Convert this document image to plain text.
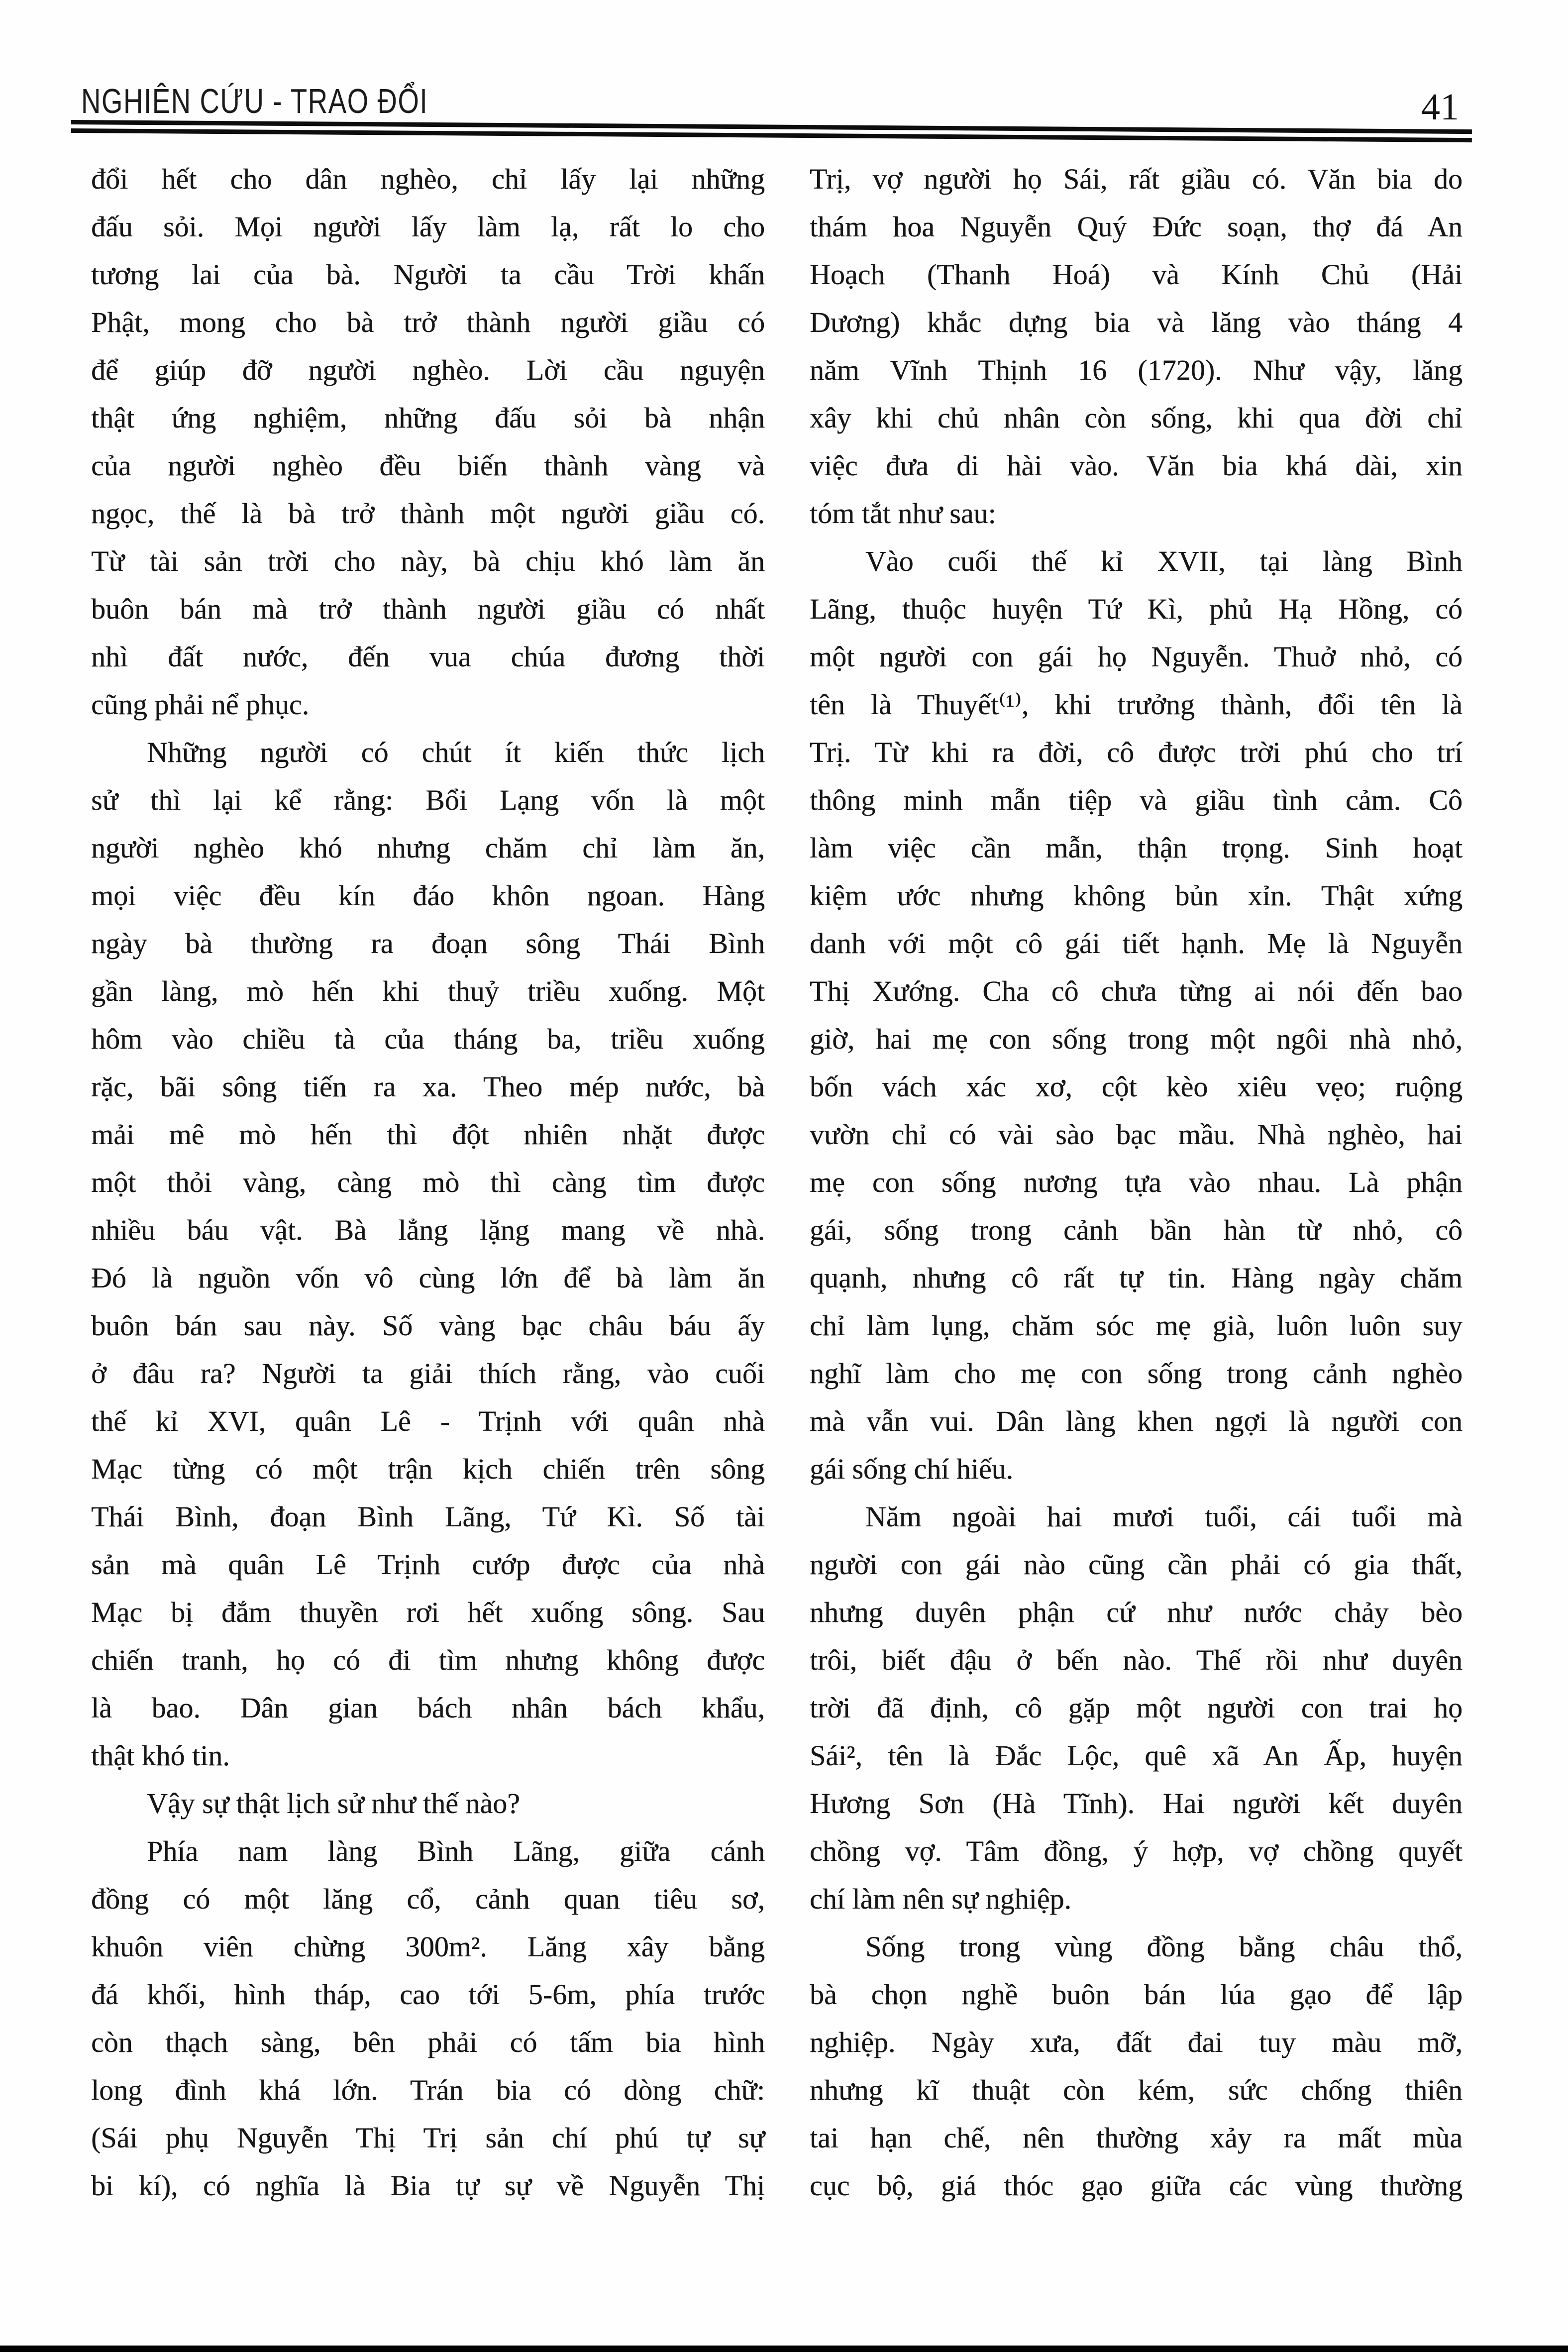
NGHIÊN CỨU - TRAO ĐỔI	41
đổi hết cho dân nghèo, chỉ lấy lại những
đấu sỏi. Mọi người lấy làm lạ, rất lo cho
tương lai của bà. Người ta cầu Trời khấn
Phật, mong cho bà trở thành người giầu có
để giúp đỡ người nghèo. Lời cầu nguyện
thật ứng nghiệm, những đấu sỏi bà nhận
của người nghèo đều biến thành vàng và
ngọc, thế là bà trở thành một người giầu có.
Từ tài sản trời cho này, bà chịu khó làm ăn
buôn bán mà trở thành người giầu có nhất
nhì đất nước, đến vua chúa đương thời
cũng phải nể phục.
Những người có chút ít kiến thức lịch
sử thì lại kể rằng: Bổi Lạng vốn là một
người nghèo khó nhưng chăm chỉ làm ăn,
mọi việc đều kín đáo khôn ngoan. Hàng
ngày bà thường ra đoạn sông Thái Bình
gần làng, mò hến khi thuỷ triều xuống. Một
hôm vào chiều tà của tháng ba, triều xuống
rặc, bãi sông tiến ra xa. Theo mép nước, bà
mải mê mò hến thì đột nhiên nhặt được
một thỏi vàng, càng mò thì càng tìm được
nhiều báu vật. Bà lẳng lặng mang về nhà.
Đó là nguồn vốn vô cùng lớn để bà làm ăn
buôn bán sau này. Số vàng bạc châu báu ấy
ở đâu ra? Người ta giải thích rằng, vào cuối
thế kỉ XVI, quân Lê - Trịnh với quân nhà
Mạc từng có một trận kịch chiến trên sông
Thái Bình, đoạn Bình Lãng, Tứ Kì. Số tài
sản mà quân Lê Trịnh cướp được của nhà
Mạc bị đắm thuyền rơi hết xuống sông. Sau
chiến tranh, họ có đi tìm nhưng không được
là bao. Dân gian bách nhân bách khẩu,
thật khó tin.
Vậy sự thật lịch sử như thế nào?
Phía nam làng Bình Lãng, giữa cánh
đồng có một lăng cổ, cảnh quan tiêu sơ,
khuôn viên chừng 300m². Lăng xây bằng
đá khối, hình tháp, cao tới 5-6m, phía trước
còn thạch sàng, bên phải có tấm bia hình
long đình khá lớn. Trán bia có dòng chữ:
(Sái phụ Nguyễn Thị Trị sản chí phú tự sự
bi kí), có nghĩa là Bia tự sự về Nguyễn Thị
Trị, vợ người họ Sái, rất giầu có. Văn bia do
thám hoa Nguyễn Quý Đức soạn, thợ đá An
Hoạch (Thanh Hoá) và Kính Chủ (Hải
Dương) khắc dựng bia và lăng vào tháng 4
năm Vĩnh Thịnh 16 (1720). Như vậy, lăng
xây khi chủ nhân còn sống, khi qua đời chỉ
việc đưa di hài vào. Văn bia khá dài, xin
tóm tắt như sau:
Vào cuối thế kỉ XVII, tại làng Bình
Lãng, thuộc huyện Tứ Kì, phủ Hạ Hồng, có
một người con gái họ Nguyễn. Thuở nhỏ, có
tên là Thuyết⁽¹⁾, khi trưởng thành, đổi tên là
Trị. Từ khi ra đời, cô được trời phú cho trí
thông minh mẫn tiệp và giầu tình cảm. Cô
làm việc cần mẫn, thận trọng. Sinh hoạt
kiệm ước nhưng không bủn xỉn. Thật xứng
danh với một cô gái tiết hạnh. Mẹ là Nguyễn
Thị Xướng. Cha cô chưa từng ai nói đến bao
giờ, hai mẹ con sống trong một ngôi nhà nhỏ,
bốn vách xác xơ, cột kèo xiêu vẹo; ruộng
vườn chỉ có vài sào bạc mầu. Nhà nghèo, hai
mẹ con sống nương tựa vào nhau. Là phận
gái, sống trong cảnh bần hàn từ nhỏ, cô
quạnh, nhưng cô rất tự tin. Hàng ngày chăm
chỉ làm lụng, chăm sóc mẹ già, luôn luôn suy
nghĩ làm cho mẹ con sống trong cảnh nghèo
mà vẫn vui. Dân làng khen ngợi là người con
gái sống chí hiếu.
Năm ngoài hai mươi tuổi, cái tuổi mà
người con gái nào cũng cần phải có gia thất,
nhưng duyên phận cứ như nước chảy bèo
trôi, biết đậu ở bến nào. Thế rồi như duyên
trời đã định, cô gặp một người con trai họ
Sái², tên là Đắc Lộc, quê xã An Ấp, huyện
Hương Sơn (Hà Tĩnh). Hai người kết duyên
chồng vợ. Tâm đồng, ý hợp, vợ chồng quyết
chí làm nên sự nghiệp.
Sống trong vùng đồng bằng châu thổ,
bà chọn nghề buôn bán lúa gạo để lập
nghiệp. Ngày xưa, đất đai tuy màu mỡ,
nhưng kĩ thuật còn kém, sức chống thiên
tai hạn chế, nên thường xảy ra mất mùa
cục bộ, giá thóc gạo giữa các vùng thường
